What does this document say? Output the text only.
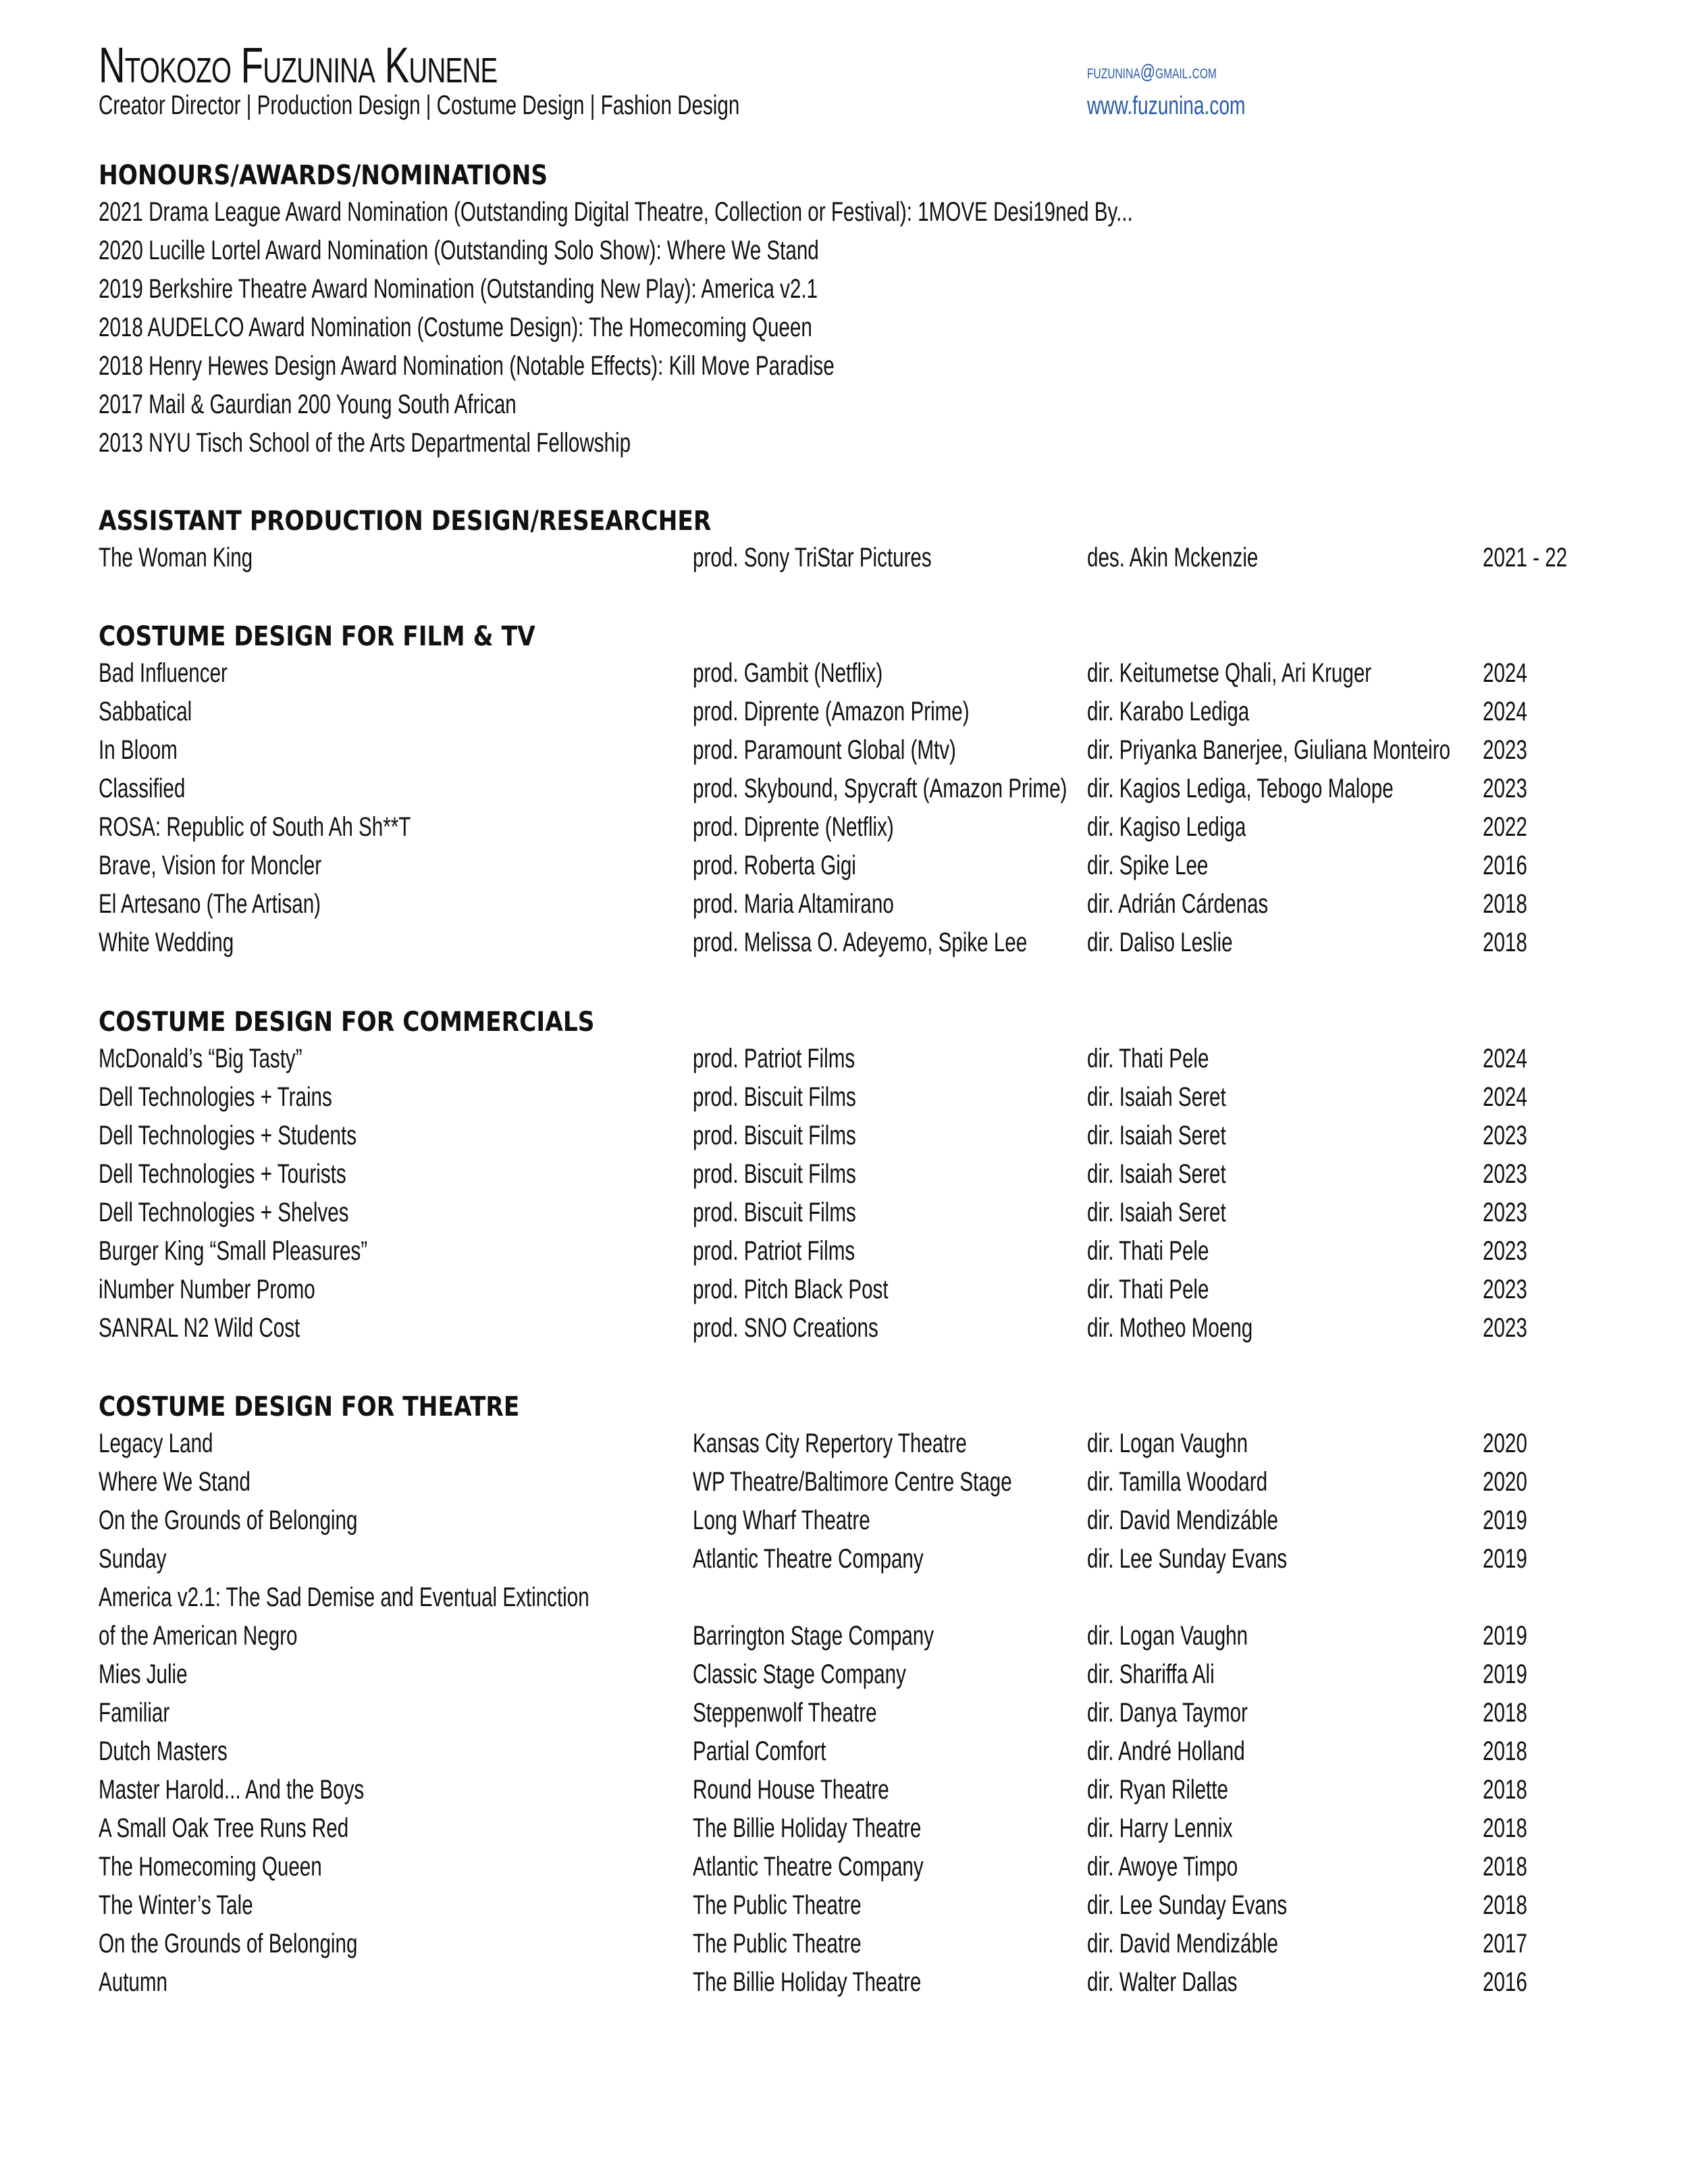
Ntokozo Fuzunina Kunene
Creator Director | Production Design | Costume Design | Fashion Design
fuzunina@gmail.com
www.fuzunina.com
HONOURS/AWARDS/NOMINATIONS
2021 Drama League Award Nomination (Outstanding Digital Theatre, Collection or Festival): 1MOVE Desi19ned By...
2020 Lucille Lortel Award Nomination (Outstanding Solo Show): Where We Stand
2019 Berkshire Theatre Award Nomination (Outstanding New Play): America v2.1
2018 AUDELCO Award Nomination (Costume Design): The Homecoming Queen
2018 Henry Hewes Design Award Nomination (Notable Effects): Kill Move Paradise
2017 Mail & Gaurdian 200 Young South African
2013 NYU Tisch School of the Arts Departmental Fellowship
ASSISTANT PRODUCTION DESIGN/RESEARCHER
The Woman King	prod. Sony TriStar Pictures	des. Akin Mckenzie	2021 - 22
COSTUME DESIGN FOR FILM & TV
Bad Influencer	prod. Gambit (Netflix)	dir. Keitumetse Qhali, Ari Kruger	2024
Sabbatical	prod. Diprente (Amazon Prime)	dir. Karabo Lediga	2024
In Bloom	prod. Paramount Global (Mtv)	dir. Priyanka Banerjee, Giuliana Monteiro 2023
Classified	prod. Skybound, Spycraft (Amazon Prime) dir. Kagios Lediga, Tebogo Malope	2023
ROSA: Republic of South Ah Sh**T	prod. Diprente (Netflix)	dir. Kagiso Lediga	2022
Brave, Vision for Moncler	prod. Roberta Gigi	dir. Spike Lee	2016
El Artesano (The Artisan)	prod. Maria Altamirano	dir. Adrián Cárdenas	2018
White Wedding	prod. Melissa O. Adeyemo, Spike Lee dir. Daliso Leslie	2018
COSTUME DESIGN FOR COMMERCIALS
McDonald’s “Big Tasty”	prod. Patriot Films	dir. Thati Pele	2024
Dell Technologies + Trains	prod. Biscuit Films	dir. Isaiah Seret	2024
Dell Technologies + Students	prod. Biscuit Films	dir. Isaiah Seret	2023
Dell Technologies + Tourists	prod. Biscuit Films	dir. Isaiah Seret	2023
Dell Technologies + Shelves	prod. Biscuit Films	dir. Isaiah Seret	2023
Burger King “Small Pleasures”	prod. Patriot Films	dir. Thati Pele	2023
iNumber Number Promo	prod. Pitch Black Post	dir. Thati Pele	2023
SANRAL N2 Wild Cost	prod. SNO Creations	dir. Motheo Moeng	2023
COSTUME DESIGN FOR THEATRE
Legacy Land	Kansas City Repertory Theatre	dir. Logan Vaughn	2020
Where We Stand	WP Theatre/Baltimore Centre Stage	dir. Tamilla Woodard	2020
On the Grounds of Belonging	Long Wharf Theatre	dir. David Mendizáble	2019
Sunday	Atlantic Theatre Company	dir. Lee Sunday Evans	2019
America v2.1: The Sad Demise and Eventual Extinction
of the American Negro	Barrington Stage Company	dir. Logan Vaughn	2019
Mies Julie	Classic Stage Company	dir. Shariffa Ali	2019
Familiar	Steppenwolf Theatre	dir. Danya Taymor	2018
Dutch Masters	Partial Comfort	dir. André Holland	2018
Master Harold... And the Boys	Round House Theatre	dir. Ryan Rilette	2018
A Small Oak Tree Runs Red	The Billie Holiday Theatre	dir. Harry Lennix	2018
The Homecoming Queen	Atlantic Theatre Company	dir. Awoye Timpo	2018
The Winter’s Tale	The Public Theatre	dir. Lee Sunday Evans	2018
On the Grounds of Belonging	The Public Theatre	dir. David Mendizáble	2017
Autumn	The Billie Holiday Theatre	dir. Walter Dallas	2016
